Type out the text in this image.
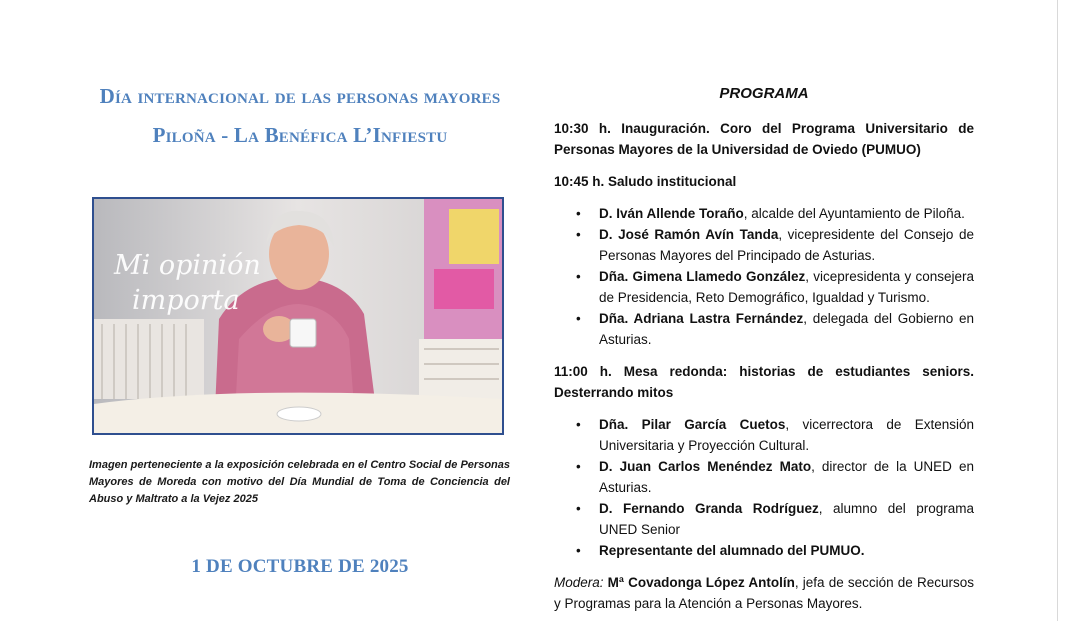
Día internacional de las personas mayores
Piloña - La Benéfica L’Infiestu
Mi opinión
importa
Imagen perteneciente a la exposición celebrada en el Centro Social de Personas Mayores de Moreda con motivo del Día Mundial de Toma de Conciencia del Abuso y Maltrato a la Vejez 2025
1 DE OCTUBRE DE 2025
PROGRAMA
10:30 h. Inauguración. Coro del Programa Universitario de Personas Mayores de la Universidad de Oviedo (PUMUO)
10:45 h. Saludo institucional
• D. Iván Allende Toraño, alcalde del Ayuntamiento de Piloña.
• D. José Ramón Avín Tanda, vicepresidente del Consejo de Personas Mayores del Principado de Asturias.
• Dña. Gimena Llamedo González, vicepresidenta y consejera de Presidencia, Reto Demográfico, Igualdad y Turismo.
• Dña. Adriana Lastra Fernández, delegada del Gobierno en Asturias.
11:00 h. Mesa redonda: historias de estudiantes seniors. Desterrando mitos
• Dña. Pilar García Cuetos, vicerrectora de Extensión Universitaria y Proyección Cultural.
• D. Juan Carlos Menéndez Mato, director de la UNED en Asturias.
• D. Fernando Granda Rodríguez, alumno del programa UNED Senior
• Representante del alumnado del PUMUO.
Modera: Mª Covadonga López Antolín, jefa de sección de Recursos y Programas para la Atención a Personas Mayores.
